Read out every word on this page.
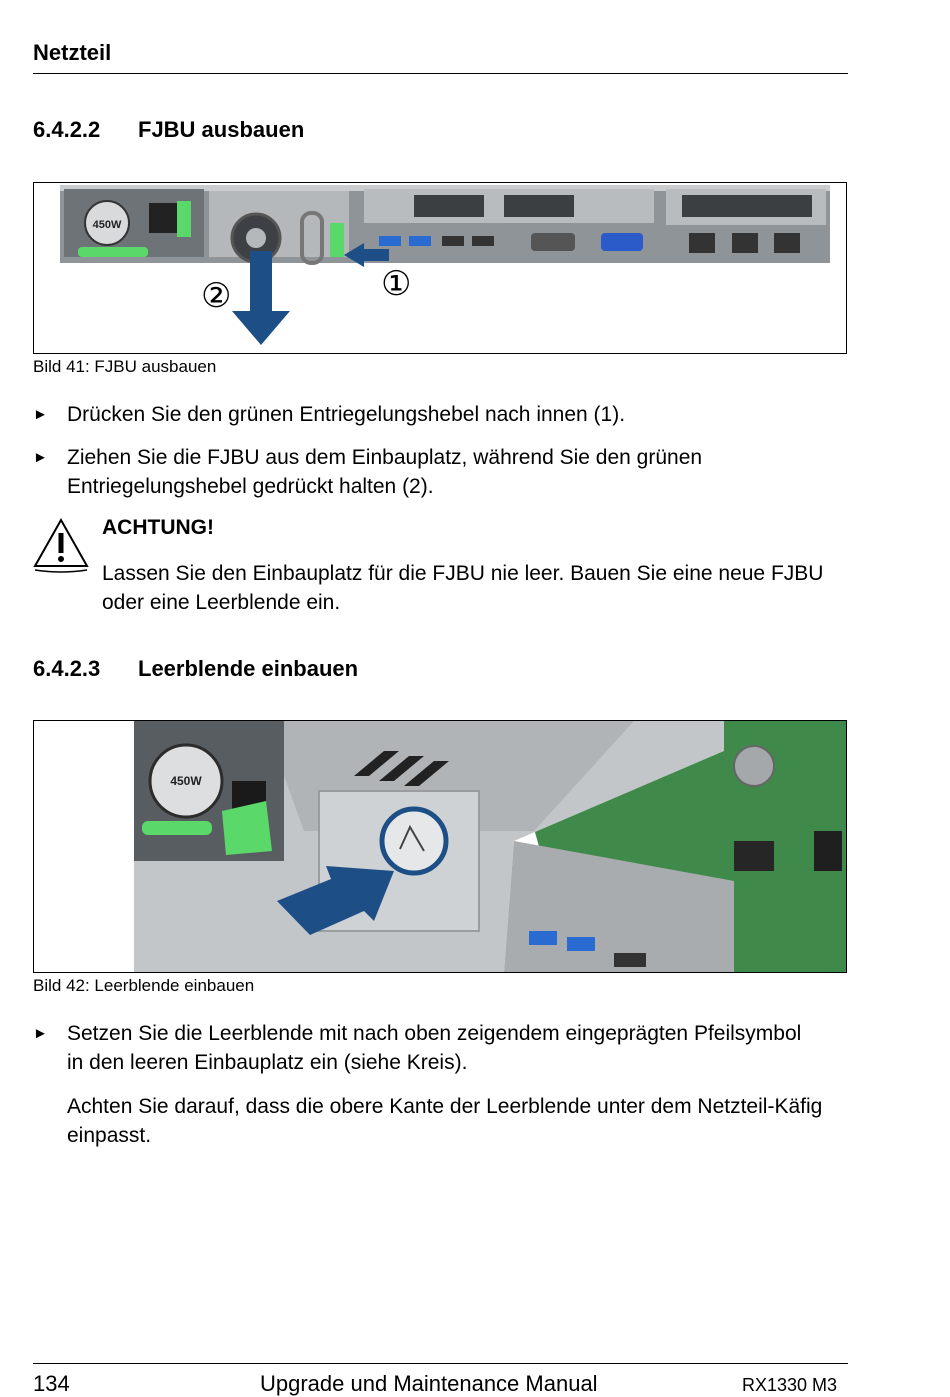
Netzteil
6.4.2.2 FJBU ausbauen
450W
①
②
Bild 41: FJBU ausbauen
► Drücken Sie den grünen Entriegelungshebel nach innen (1).
► Ziehen Sie die FJBU aus dem Einbauplatz, während Sie den grünen Entriegelungshebel gedrückt halten (2).
ACHTUNG!
Lassen Sie den Einbauplatz für die FJBU nie leer. Bauen Sie eine neue FJBU oder eine Leerblende ein.
6.4.2.3 Leerblende einbauen
450W
Bild 42: Leerblende einbauen
► Setzen Sie die Leerblende mit nach oben zeigendem eingeprägten Pfeilsymbol in den leeren Einbauplatz ein (siehe Kreis).
Achten Sie darauf, dass die obere Kante der Leerblende unter dem Netzteil-Käfig einpasst.
134	Upgrade und Maintenance Manual	RX1330 M3
